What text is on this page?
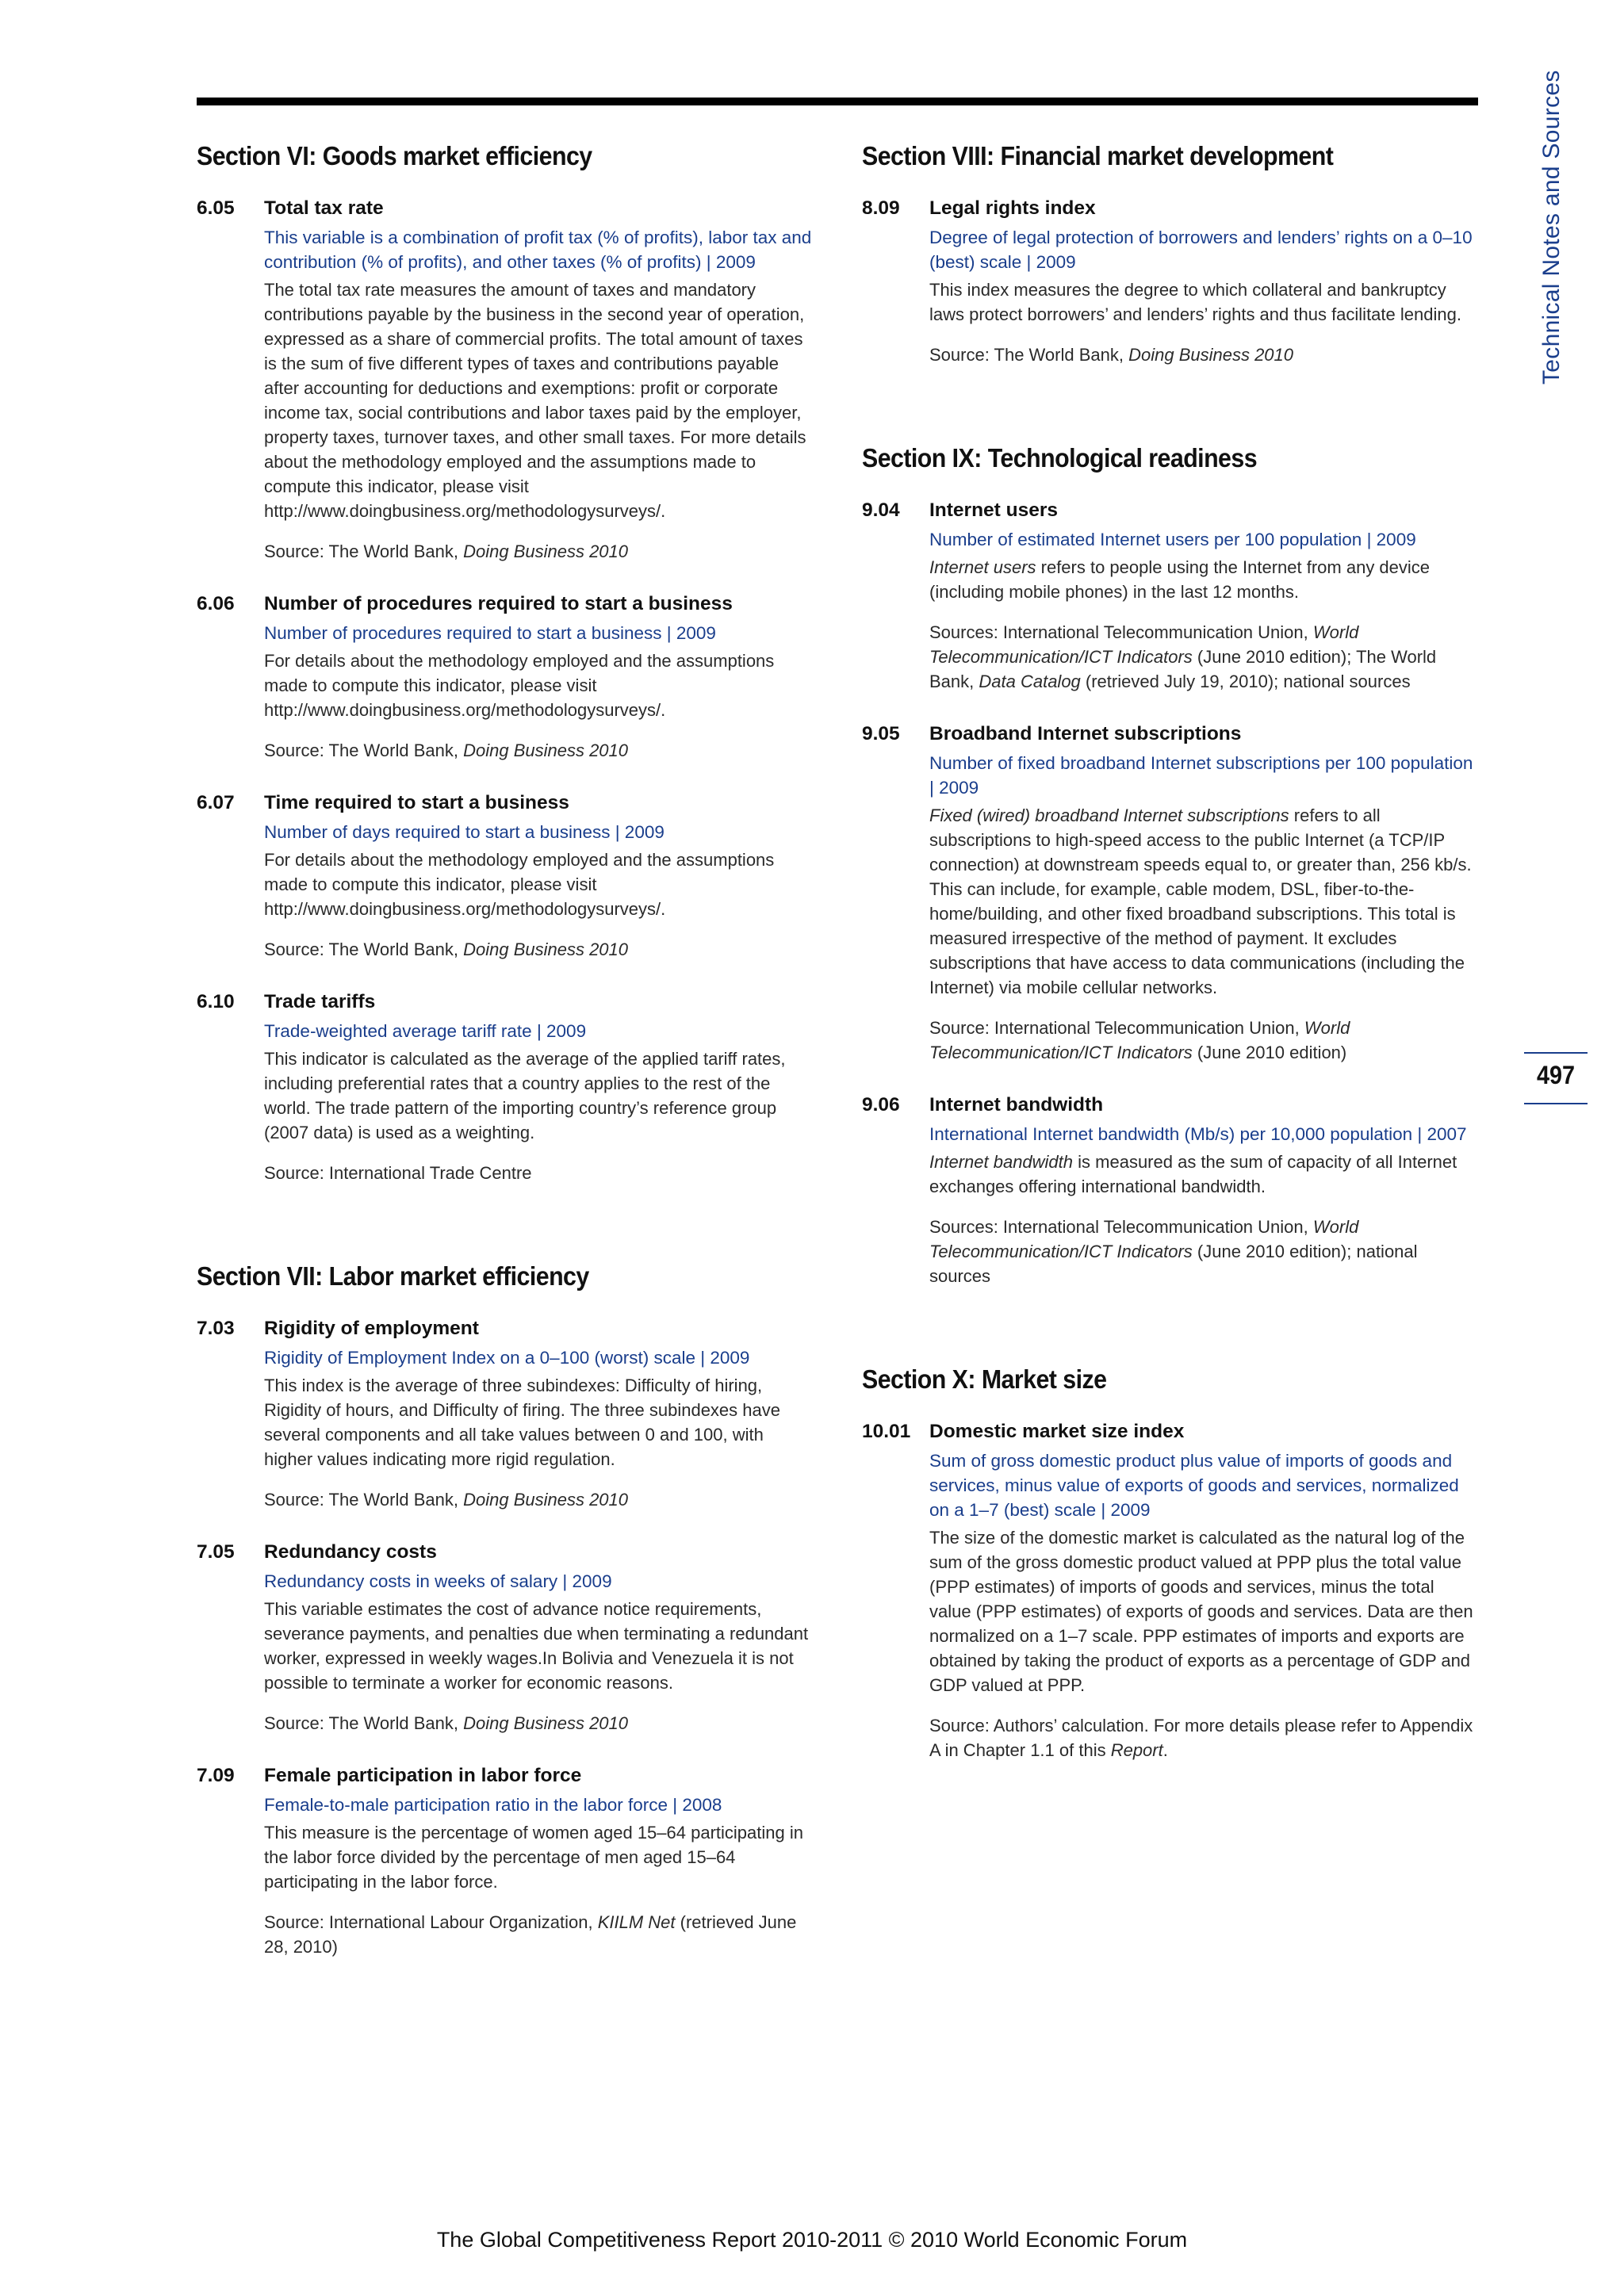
Technical Notes and Sources
497
Section VI: Goods market efficiency
6.05	Total tax rate
This variable is a combination of profit tax (% of profits), labor tax and contribution (% of profits), and other taxes (% of profits) | 2009
The total tax rate measures the amount of taxes and mandatory contributions payable by the business in the second year of operation, expressed as a share of commercial profits. The total amount of taxes is the sum of five different types of taxes and contributions payable after accounting for deductions and exemptions: profit or corporate income tax, social contributions and labor taxes paid by the employer, property taxes, turnover taxes, and other small taxes. For more details about the methodology employed and the assumptions made to compute this indicator, please visit http://www.doingbusiness.org/methodologysurveys/.
Source: The World Bank, Doing Business 2010
6.06	Number of procedures required to start a business
Number of procedures required to start a business | 2009
For details about the methodology employed and the assumptions made to compute this indicator, please visit http://www.doingbusiness.org/methodologysurveys/.
Source: The World Bank, Doing Business 2010
6.07	Time required to start a business
Number of days required to start a business | 2009
For details about the methodology employed and the assumptions made to compute this indicator, please visit http://www.doingbusiness.org/methodologysurveys/.
Source: The World Bank, Doing Business 2010
6.10	Trade tariffs
Trade-weighted average tariff rate | 2009
This indicator is calculated as the average of the applied tariff rates, including preferential rates that a country applies to the rest of the world. The trade pattern of the importing country’s reference group (2007 data) is used as a weighting.
Source: International Trade Centre
Section VII: Labor market efficiency
7.03	Rigidity of employment
Rigidity of Employment Index on a 0–100 (worst) scale | 2009
This index is the average of three subindexes: Difficulty of hiring, Rigidity of hours, and Difficulty of firing. The three subindexes have several components and all take values between 0 and 100, with higher values indicating more rigid regulation.
Source: The World Bank, Doing Business 2010
7.05	Redundancy costs
Redundancy costs in weeks of salary | 2009
This variable estimates the cost of advance notice requirements, severance payments, and penalties due when terminating a redundant worker, expressed in weekly wages.In Bolivia and Venezuela it is not possible to terminate a worker for economic reasons.
Source: The World Bank, Doing Business 2010
7.09	Female participation in labor force
Female-to-male participation ratio in the labor force | 2008
This measure is the percentage of women aged 15–64 participating in the labor force divided by the percentage of men aged 15–64 participating in the labor force.
Source: International Labour Organization, KIILM Net (retrieved June 28, 2010)
Section VIII: Financial market development
8.09	Legal rights index
Degree of legal protection of borrowers and lenders’ rights on a 0–10 (best) scale | 2009
This index measures the degree to which collateral and bankruptcy laws protect borrowers’ and lenders’ rights and thus facilitate lending.
Source: The World Bank, Doing Business 2010
Section IX: Technological readiness
9.04	Internet users
Number of estimated Internet users per 100 population | 2009
Internet users refers to people using the Internet from any device (including mobile phones) in the last 12 months.
Sources: International Telecommunication Union, World Telecommunication/ICT Indicators (June 2010 edition); The World Bank, Data Catalog (retrieved July 19, 2010); national sources
9.05	Broadband Internet subscriptions
Number of fixed broadband Internet subscriptions per 100 population | 2009
Fixed (wired) broadband Internet subscriptions refers to all subscriptions to high-speed access to the public Internet (a TCP/IP connection) at downstream speeds equal to, or greater than, 256 kb/s. This can include, for example, cable modem, DSL, fiber-to-the-home/building, and other fixed broadband subscriptions. This total is measured irrespective of the method of payment. It excludes subscriptions that have access to data communications (including the Internet) via mobile cellular networks.
Source: International Telecommunication Union, World Telecommunication/ICT Indicators (June 2010 edition)
9.06	Internet bandwidth
International Internet bandwidth (Mb/s) per 10,000 population | 2007
Internet bandwidth is measured as the sum of capacity of all Internet exchanges offering international bandwidth.
Sources: International Telecommunication Union, World Telecommunication/ICT Indicators (June 2010 edition); national sources
Section X: Market size
10.01 Domestic market size index
Sum of gross domestic product plus value of imports of goods and services, minus value of exports of goods and services, normalized on a 1–7 (best) scale | 2009
The size of the domestic market is calculated as the natural log of the sum of the gross domestic product valued at PPP plus the total value (PPP estimates) of imports of goods and services, minus the total value (PPP estimates) of exports of goods and services. Data are then normalized on a 1–7 scale. PPP estimates of imports and exports are obtained by taking the product of exports as a percentage of GDP and GDP valued at PPP.
Source: Authors’ calculation. For more details please refer to Appendix A in Chapter 1.1 of this Report.
The Global Competitiveness Report 2010-2011 © 2010 World Economic Forum
